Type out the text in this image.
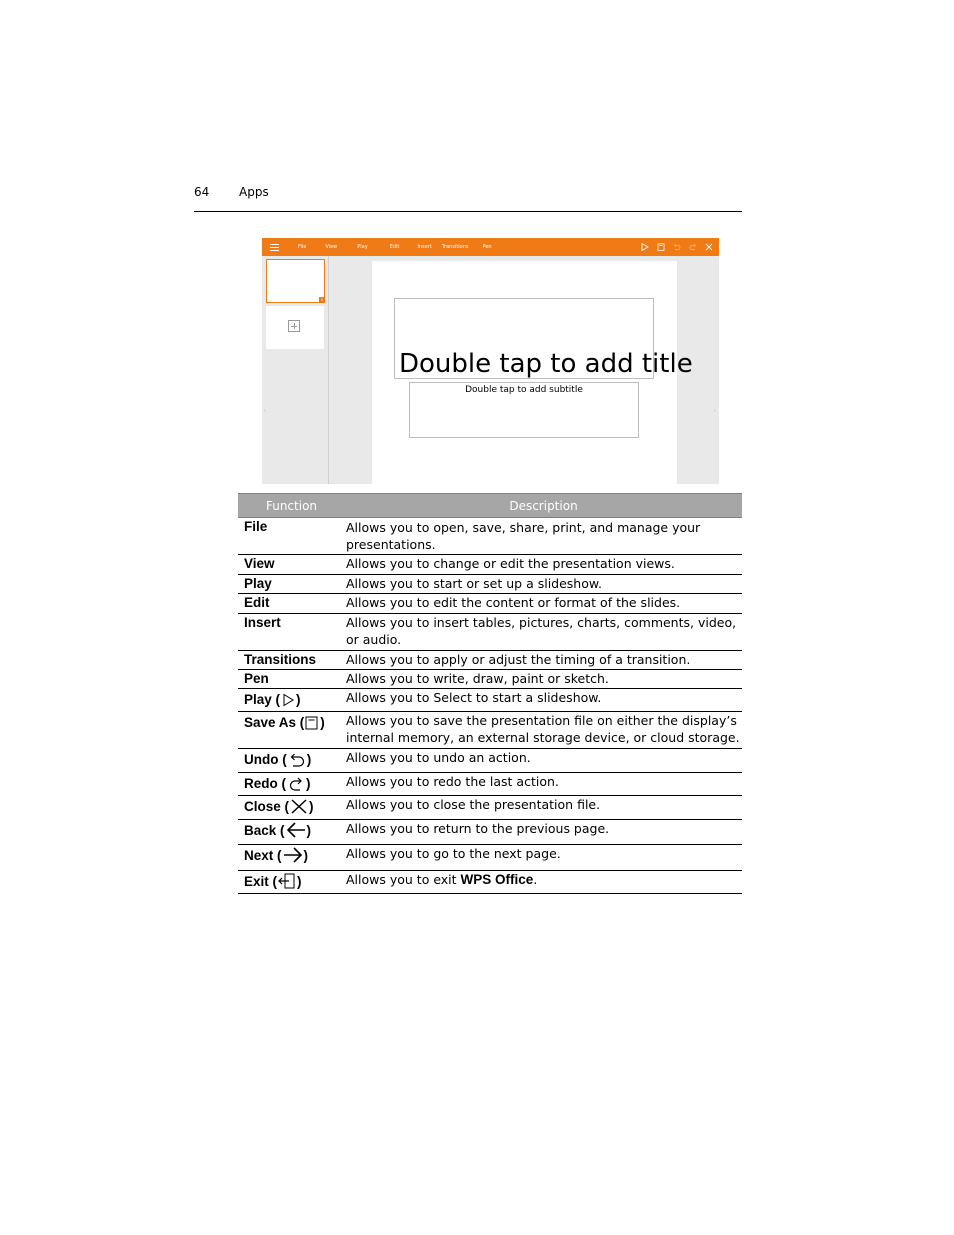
64 Apps
File	View	Play	Edit	Insert Transitions	Pen
1
‹	›
Double tap to add title
Double tap to add subtitle
Function	Description
File	Allows you to open, save, share, print, and manage your presentations.
View	Allows you to change or edit the presentation views.
Play	Allows you to start or set up a slideshow.
Edit	Allows you to edit the content or format of the slides.
Insert	Allows you to insert tables, pictures, charts, comments, video, or audio.
Transitions	Allows you to apply or adjust the timing of a transition.
Pen	Allows you to write, draw, paint or sketch.
Play ( )	Allows you to Select to start a slideshow.
Save As ( )	Allows you to save the presentation file on either the display’s internal memory, an external storage device, or cloud storage.
Undo ( )	Allows you to undo an action.
Redo ( )	Allows you to redo the last action.
Close ( )	Allows you to close the presentation file.
Back ( )	Allows you to return to the previous page.
Next ( )	Allows you to go to the next page.
Exit ( )	Allows you to exit WPS Office.
